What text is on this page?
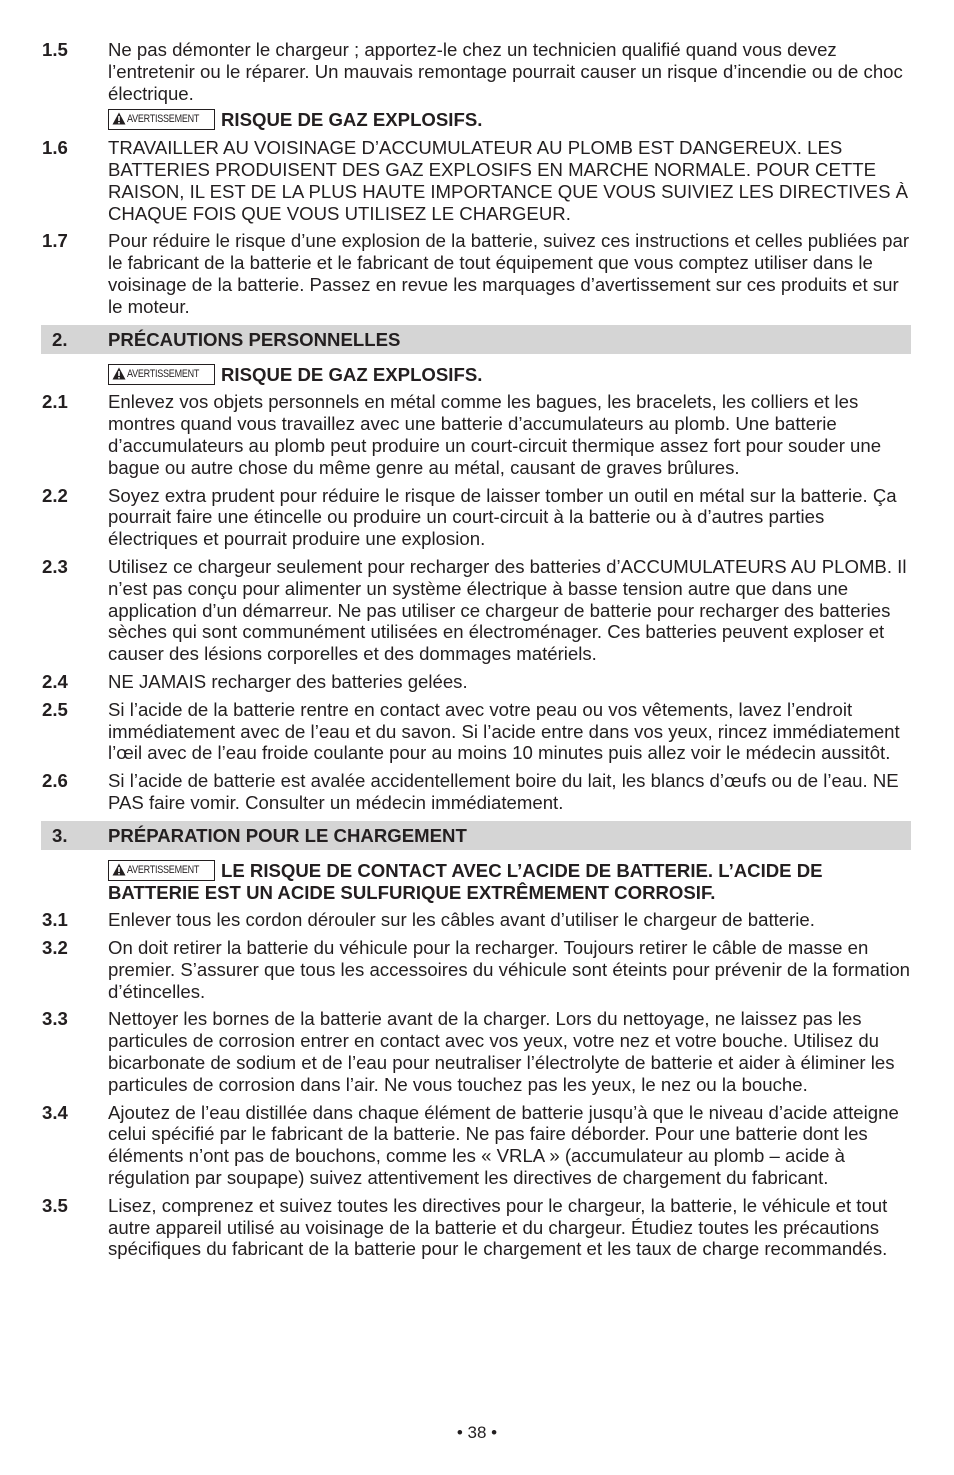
1.5 Ne pas démonter le chargeur ; apportez-le chez un technicien qualifié quand vous devez l’entretenir ou le réparer. Un mauvais remontage pourrait causer un risque d’incendie ou de choc électrique.
AVERTISSEMENT RISQUE DE GAZ EXPLOSIFS.
1.6 TRAVAILLER AU VOISINAGE D’ACCUMULATEUR AU PLOMB EST DANGEREUX. LES BATTERIES PRODUISENT DES GAZ EXPLOSIFS EN MARCHE NORMALE. POUR CETTE RAISON, IL EST DE LA PLUS HAUTE IMPORTANCE QUE VOUS SUIVIEZ LES DIRECTIVES À CHAQUE FOIS QUE VOUS UTILISEZ LE CHARGEUR.
1.7 Pour réduire le risque d’une explosion de la batterie, suivez ces instructions et celles publiées par le fabricant de la batterie et le fabricant de tout équipement que vous comptez utiliser dans le voisinage de la batterie. Passez en revue les marquages d’avertissement sur ces produits et sur le moteur.
2. PRÉCAUTIONS PERSONNELLES
AVERTISSEMENT RISQUE DE GAZ EXPLOSIFS.
2.1 Enlevez vos objets personnels en métal comme les bagues, les bracelets, les colliers et les montres quand vous travaillez avec une batterie d’accumulateurs au plomb. Une batterie d’accumulateurs au plomb peut produire un court-circuit thermique assez fort pour souder une bague ou autre chose du même genre au métal, causant de graves brûlures.
2.2 Soyez extra prudent pour réduire le risque de laisser tomber un outil en métal sur la batterie. Ça pourrait faire une étincelle ou produire un court-circuit à la batterie ou à d’autres parties électriques et pourrait produire une explosion.
2.3 Utilisez ce chargeur seulement pour recharger des batteries d’ACCUMULATEURS AU PLOMB. Il n’est pas conçu pour alimenter un système électrique à basse tension autre que dans une application d’un démarreur. Ne pas utiliser ce chargeur de batterie pour recharger des batteries sèches qui sont communément utilisées en électroménager. Ces batteries peuvent exploser et causer des lésions corporelles et des dommages matériels.
2.4 NE JAMAIS recharger des batteries gelées.
2.5 Si l’acide de la batterie rentre en contact avec votre peau ou vos vêtements, lavez l’endroit immédiatement avec de l’eau et du savon. Si l’acide entre dans vos yeux, rincez immédiatement l’œil avec de l’eau froide coulante pour au moins 10 minutes puis allez voir le médecin aussitôt.
2.6 Si l’acide de batterie est avalée accidentellement boire du lait, les blancs d’œufs ou de l’eau. NE PAS faire vomir. Consulter un médecin immédiatement.
3. PRÉPARATION POUR LE CHARGEMENT
AVERTISSEMENT LE RISQUE DE CONTACT AVEC L’ACIDE DE BATTERIE. L’ACIDE DE BATTERIE EST UN ACIDE SULFURIQUE EXTRÊMEMENT CORROSIF.
3.1 Enlever tous les cordon dérouler sur les câbles avant d’utiliser le chargeur de batterie.
3.2 On doit retirer la batterie du véhicule pour la recharger. Toujours retirer le câble de masse en premier. S’assurer que tous les accessoires du véhicule sont éteints pour prévenir de la formation d’étincelles.
3.3 Nettoyer les bornes de la batterie avant de la charger. Lors du nettoyage, ne laissez pas les particules de corrosion entrer en contact avec vos yeux, votre nez et votre bouche. Utilisez du bicarbonate de sodium et de l’eau pour neutraliser l’électrolyte de batterie et aider à éliminer les particules de corrosion dans l’air. Ne vous touchez pas les yeux, le nez ou la bouche.
3.4 Ajoutez de l’eau distillée dans chaque élément de batterie jusqu’à que le niveau d’acide atteigne celui spécifié par le fabricant de la batterie. Ne pas faire déborder. Pour une batterie dont les éléments n’ont pas de bouchons, comme les « VRLA » (accumulateur au plomb – acide à régulation par soupape) suivez attentivement les directives de chargement du fabricant.
3.5 Lisez, comprenez et suivez toutes les directives pour le chargeur, la batterie, le véhicule et tout autre appareil utilisé au voisinage de la batterie et du chargeur. Étudiez toutes les précautions spécifiques du fabricant de la batterie pour le chargement et les taux de charge recommandés.
• 38 •
